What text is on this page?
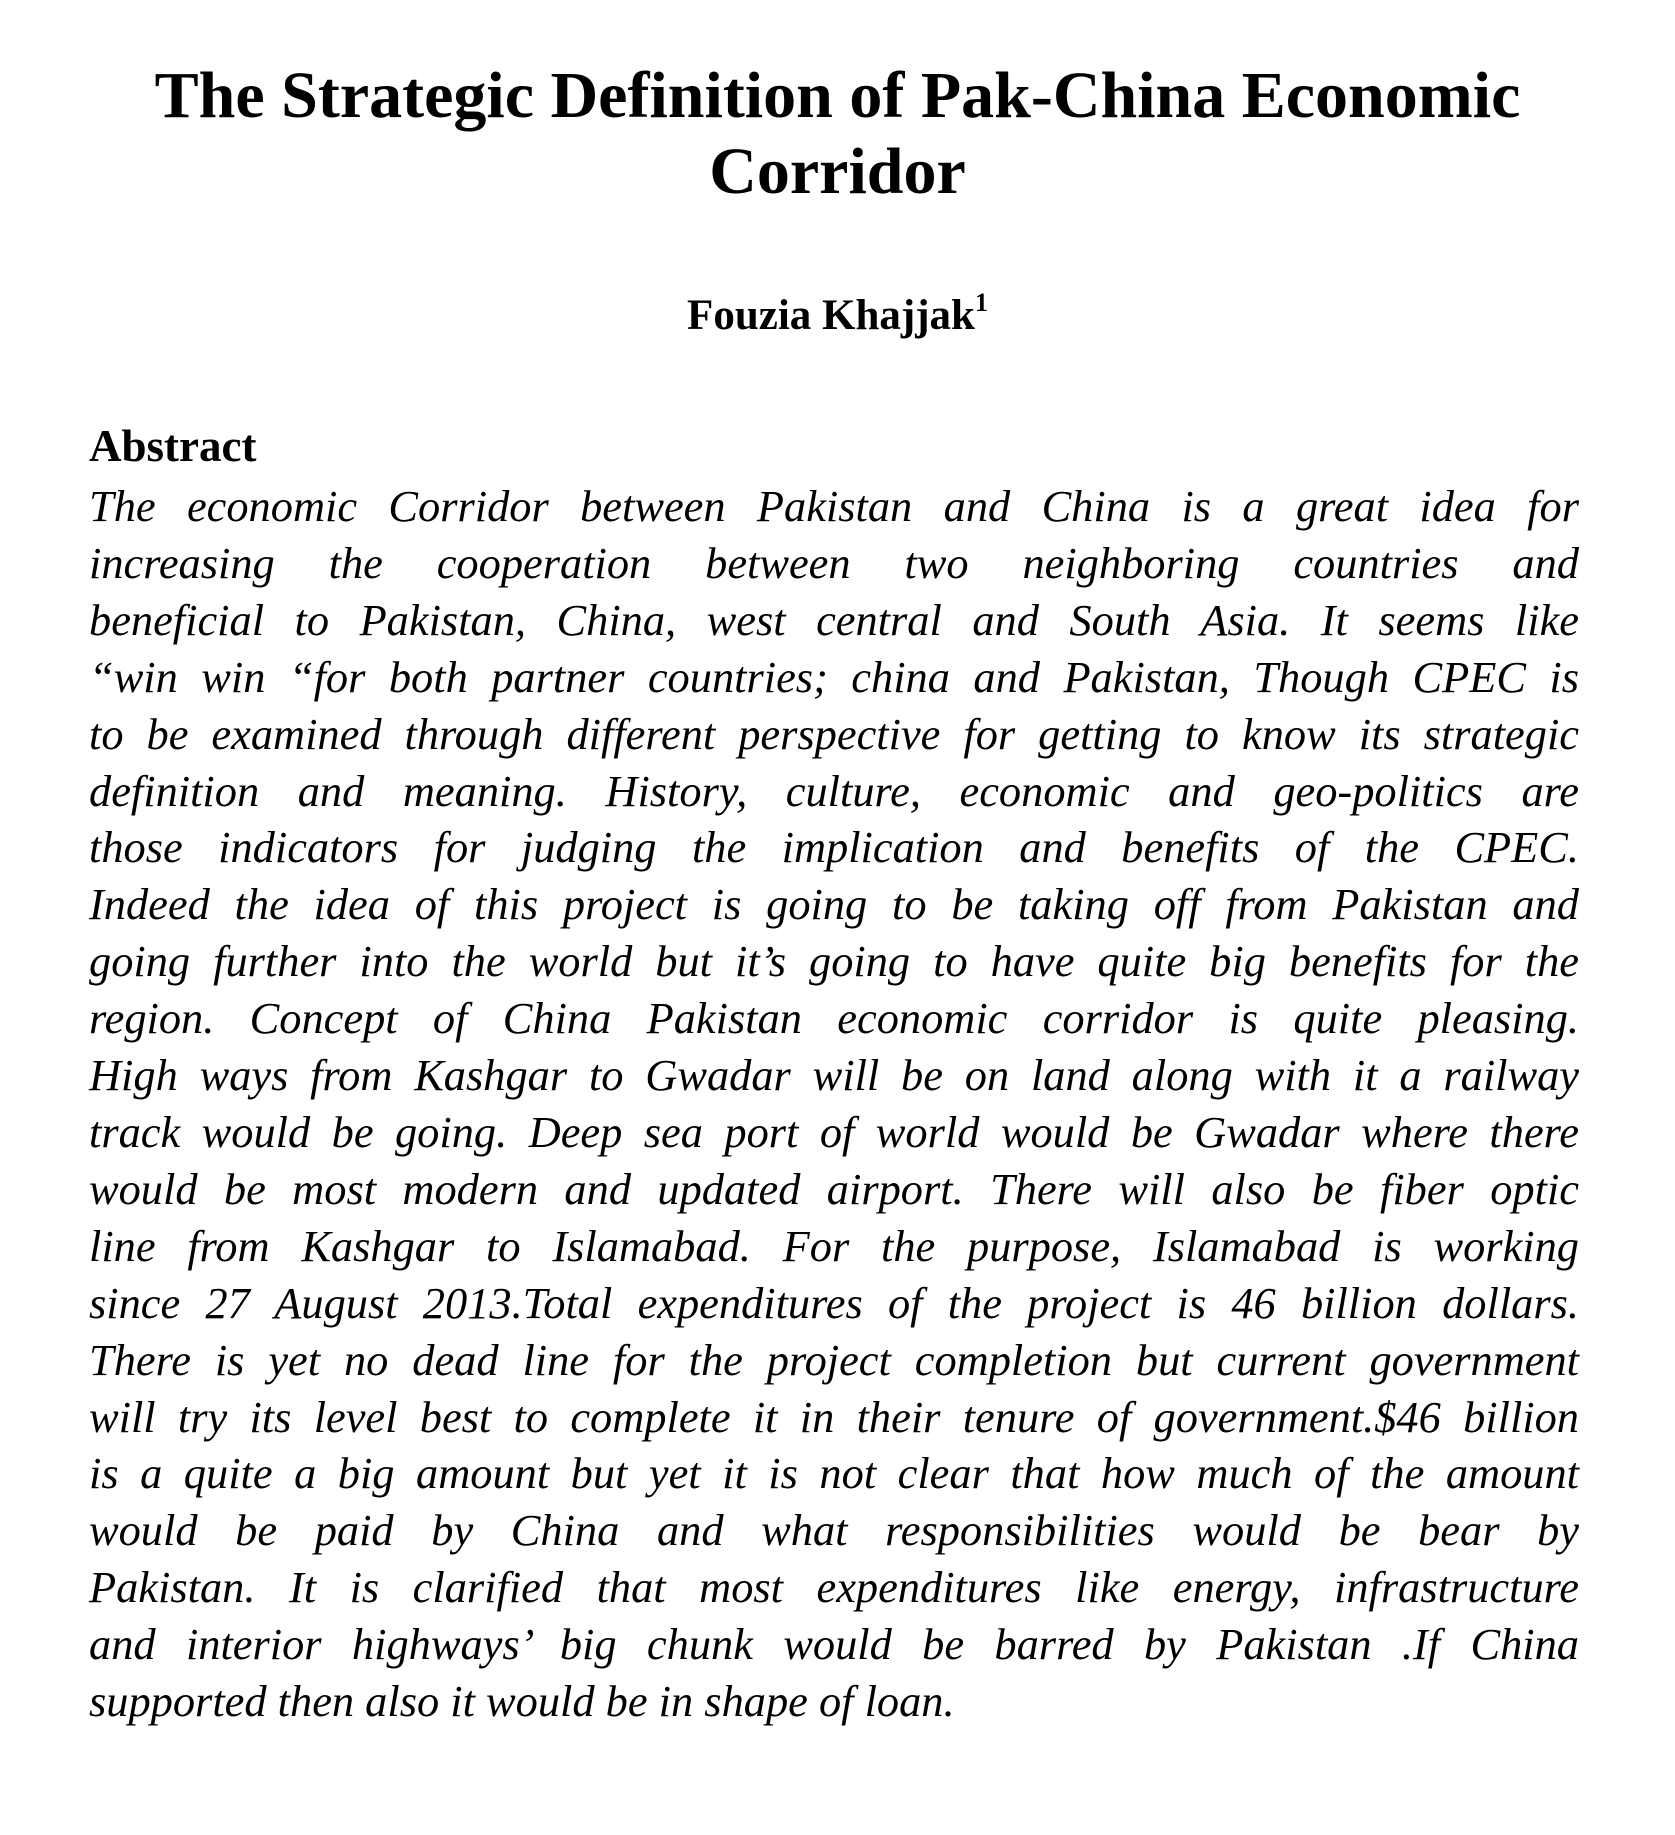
The Strategic Definition of Pak-China Economic
Corridor

Fouzia Khajjak$^1$

Abstract
The economic Corridor between Pakistan and China is a great idea for
increasing the cooperation between two neighboring countries and
beneficial to Pakistan, China, west central and South Asia. It seems like
“win win “for both partner countries; china and Pakistan, Though CPEC is
to be examined through different perspective for getting to know its strategic
definition and meaning. History, culture, economic and geo-politics are
those indicators for judging the implication and benefits of the CPEC.
Indeed the idea of this project is going to be taking off from Pakistan and
going further into the world but it’s going to have quite big benefits for the
region. Concept of China Pakistan economic corridor is quite pleasing.
High ways from Kashgar to Gwadar will be on land along with it a railway
track would be going. Deep sea port of world would be Gwadar where there
would be most modern and updated airport. There will also be fiber optic
line from Kashgar to Islamabad. For the purpose, Islamabad is working
since 27 August 2013.Total expenditures of the project is 46 billion dollars.
There is yet no dead line for the project completion but current government
will try its level best to complete it in their tenure of government.$46 billion
is a quite a big amount but yet it is not clear that how much of the amount
would be paid by China and what responsibilities would be bear by
Pakistan. It is clarified that most expenditures like energy, infrastructure
and interior highways’ big chunk would be barred by Pakistan .If China
supported then also it would be in shape of loan.
